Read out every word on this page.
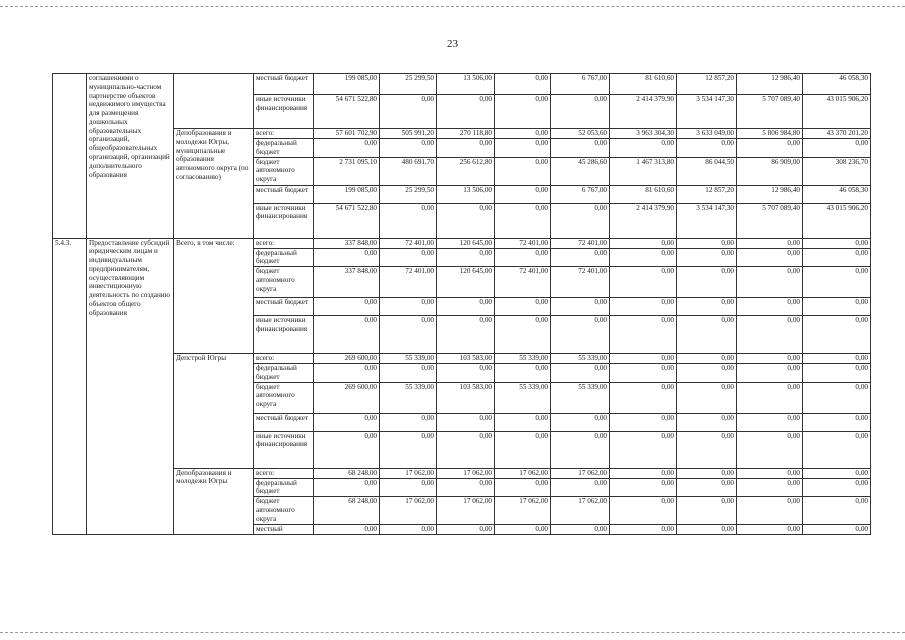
23
	соглашениями о муниципально-частном партнерстве объектов недвижимого имущества для размещения дошкольных образовательных организаций, общеобразовательных организаций, организаций дополнительного образования		местный бюджет	199 085,00	25 299,50	13 506,00	0,00	6 767,00	81 610,60	12 857,20	12 986,40	46 058,30
			иные источники финансирования	54 671 522,80	0,00	0,00	0,00	0,00	2 414 379,90	3 534 147,30	5 707 089,40	43 015 906,20
		Депобразования и молодежи Югры, муниципальные образования автономного округа (по согласованию)	всего:	57 601 702,90	505 991,20	270 118,80	0,00	52 053,60	3 963 304,30	3 633 049,00	5 806 984,80	43 370 201,20
			федеральный бюджет	0,00	0,00	0,00	0,00	0,00	0,00	0,00	0,00	0,00
			бюджет автономного округа	2 731 095,10	480 691,70	256 612,80	0,00	45 286,60	1 467 313,80	86 044,50	86 909,00	308 236,70
			местный бюджет	199 085,00	25 299,50	13 506,00	0,00	6 767,00	81 610,60	12 857,20	12 986,40	46 058,30
			иные источники финансирования	54 671 522,80	0,00	0,00	0,00	0,00	2 414 379,90	3 534 147,30	5 707 089,40	43 015 906,20
5.4.3.	Предоставление субсидий юридическим лицам и индивидуальным предпринимателям, осуществляющим инвестиционную деятельность по созданию объектов общего образования	Всего, в том числе:	всего:	337 848,00	72 401,00	120 645,00	72 401,00	72 401,00	0,00	0,00	0,00	0,00
			федеральный бюджет	0,00	0,00	0,00	0,00	0,00	0,00	0,00	0,00	0,00
			бюджет автономного округа	337 848,00	72 401,00	120 645,00	72 401,00	72 401,00	0,00	0,00	0,00	0,00
			местный бюджет	0,00	0,00	0,00	0,00	0,00	0,00	0,00	0,00	0,00
			иные источники финансирования	0,00	0,00	0,00	0,00	0,00	0,00	0,00	0,00	0,00
		Депстрой Югры	всего:	269 600,00	55 339,00	103 583,00	55 339,00	55 339,00	0,00	0,00	0,00	0,00
			федеральный бюджет	0,00	0,00	0,00	0,00	0,00	0,00	0,00	0,00	0,00
			бюджет автономного округа	269 600,00	55 339,00	103 583,00	55 339,00	55 339,00	0,00	0,00	0,00	0,00
			местный бюджет	0,00	0,00	0,00	0,00	0,00	0,00	0,00	0,00	0,00
			иные источники финансирования	0,00	0,00	0,00	0,00	0,00	0,00	0,00	0,00	0,00
		Депобразования и молодежи Югры	всего:	68 248,00	17 062,00	17 062,00	17 062,00	17 062,00	0,00	0,00	0,00	0,00
			федеральный бюджет	0,00	0,00	0,00	0,00	0,00	0,00	0,00	0,00	0,00
			бюджет автономного округа	68 248,00	17 062,00	17 062,00	17 062,00	17 062,00	0,00	0,00	0,00	0,00
			местный	0,00	0,00	0,00	0,00	0,00	0,00	0,00	0,00	0,00
